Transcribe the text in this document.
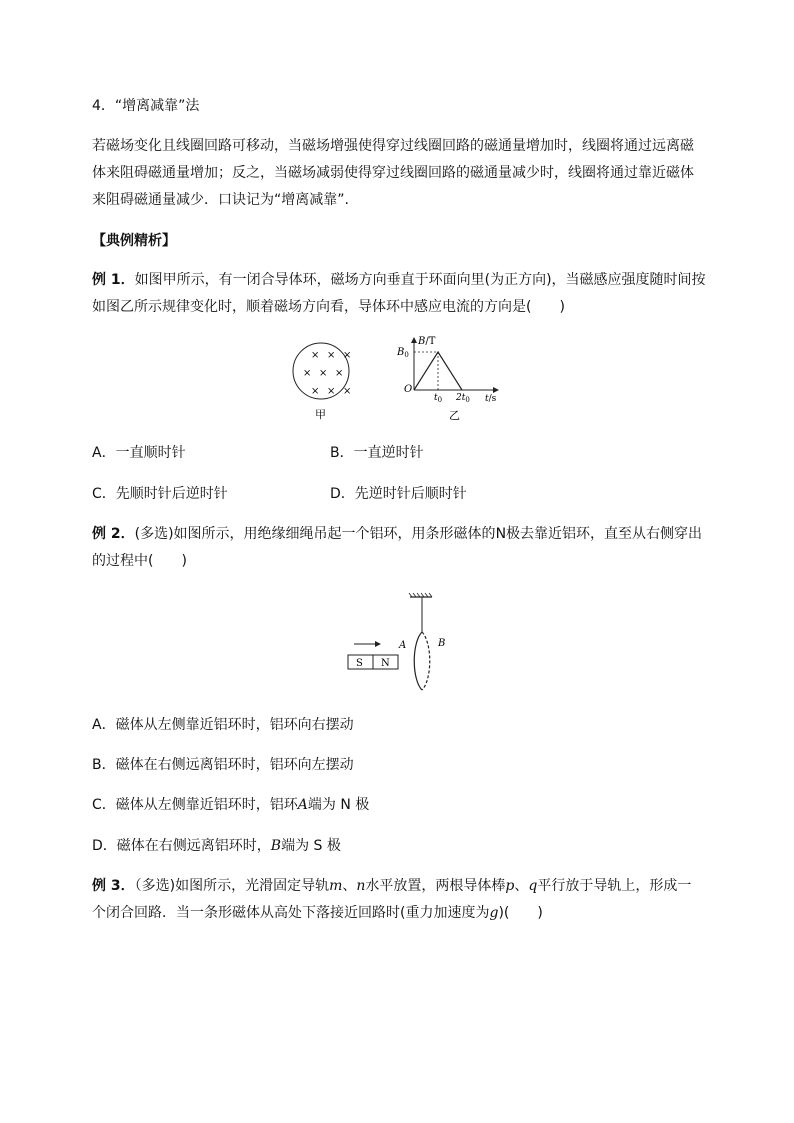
4．“增离减靠”法
若磁场变化且线圈回路可移动，当磁场增强使得穿过线圈回路的磁通量增加时，线圈将通过远离磁
体来阻碍磁通量增加；反之，当磁场减弱使得穿过线圈回路的磁通量减少时，线圈将通过靠近磁体
来阻碍磁通量减少．口诀记为“增离减靠”.
【典例精析】
例 1．如图甲所示，有一闭合导体环，磁场方向垂直于环面向里(为正方向)，当磁感应强度随时间按
如图乙所示规律变化时，顺着磁场方向看，导体环中感应电流的方向是(　　)
× × ×
× × ×
× × ×
甲
B/T
$B_0$
O
$t_0$ $2t_0$ t/s
乙
A．一直顺时针	B．一直逆时针
C．先顺时针后逆时针	D．先逆时针后顺时针
例 2．(多选)如图所示，用绝缘细绳吊起一个铝环，用条形磁体的N极去靠近铝环，直至从右侧穿出
的过程中(　　)
A	B
S N
A．磁体从左侧靠近铝环时，铝环向右摆动
B．磁体在右侧远离铝环时，铝环向左摆动
C．磁体从左侧靠近铝环时，铝环A端为 N 极
D．磁体在右侧远离铝环时，B端为 S 极
例 3．（多选)如图所示，光滑固定导轨m、n水平放置，两根导体棒p、q平行放于导轨上，形成一
个闭合回路．当一条形磁体从高处下落接近回路时(重力加速度为g)(　　)
